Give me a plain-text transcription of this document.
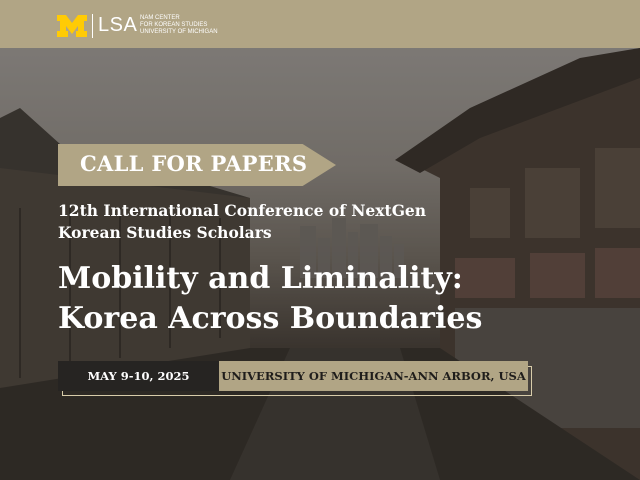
LSA NAM CENTER
FOR KOREAN STUDIES
UNIVERSITY OF MICHIGAN
CALL FOR PAPERS
12th International Conference of NextGen
Korean Studies Scholars
Mobility and Liminality:
Korea Across Boundaries
MAY 9-10, 2025	UNIVERSITY OF MICHIGAN-ANN ARBOR, USA
